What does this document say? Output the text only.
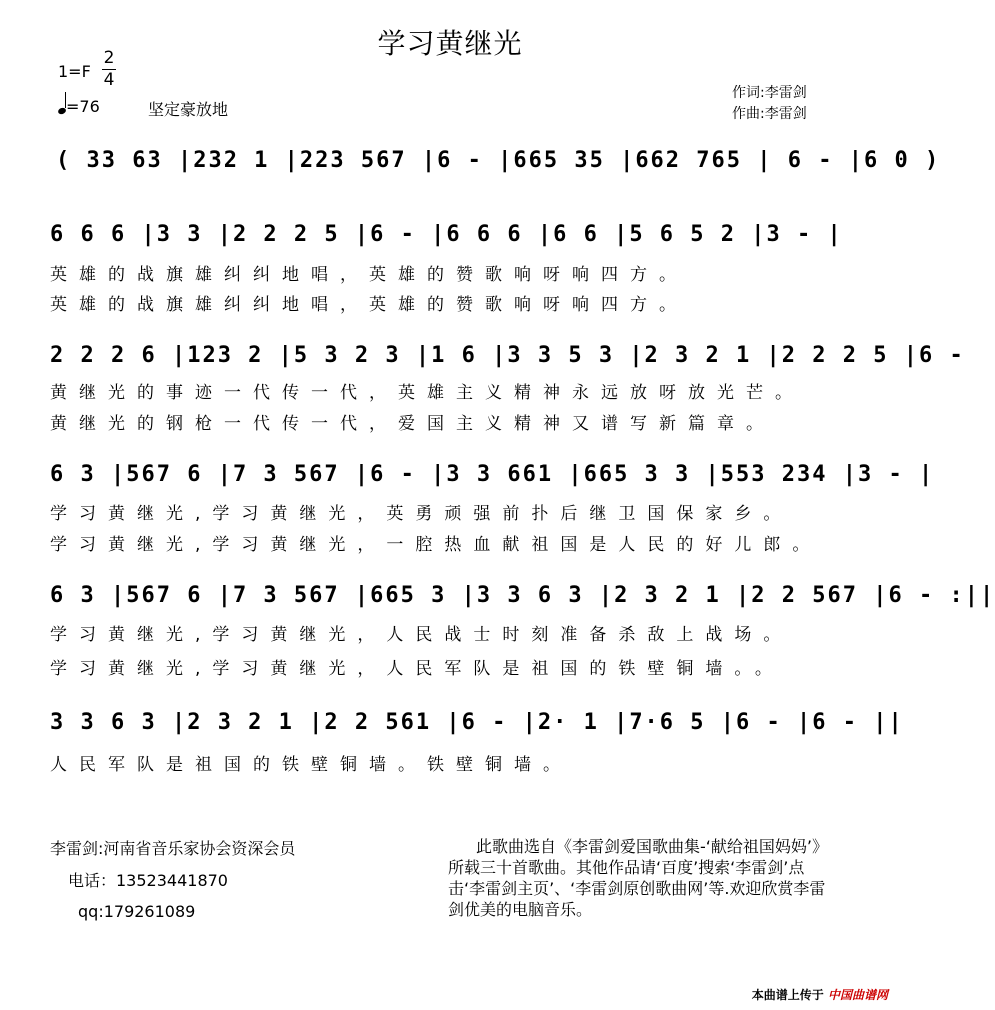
学习黄继光
1=F
2
4
=76	坚定豪放地
作词:李雷剑
作曲:李雷剑
( 33 63 |232 1 |223 567 |6 - |665 35 |662 765 | 6 - |6 0 )
6 6 6 |3 3 |2 2 2 5 |6 - |6 6 6 |6 6 |5 6 5 2 |3 - |
英雄的战旗雄纠纠地唱，英雄的赞歌响呀响四方。
英雄的战旗雄纠纠地唱，英雄的赞歌响呀响四方。
2 2 2 6 |123 2 |5 3 2 3 |1 6 |3 3 5 3 |2 3 2 1 |2 2 2 5 |6 -
黄继光的事迹一代传一代，英雄主义精神永远放呀放光芒。
黄继光的钢枪一代传一代，爱国主义精神又谱写新篇章。
6 3 |567 6 |7 3 567 |6 - |3 3 661 |665 3 3 |553 234 |3 - |
学习黄继光,学习黄继光，英勇顽强前扑后继卫国保家乡。
学习黄继光,学习黄继光，一腔热血献祖国是人民的好儿郎。
6 3 |567 6 |7 3 567 |665 3 |3 3 6 3 |2 3 2 1 |2 2 567 |6 - :||
学习黄继光,学习黄继光，人民战士时刻准备杀敌上战场。
学习黄继光,学习黄继光，人民军队是祖国的铁壁铜墙。。
3 3 6 3 |2 3 2 1 |2 2 561 |6 - |2· 1 |7·6 5 |6 - |6 - ||
人民军队是祖国的铁壁铜墙。铁壁铜墙。
李雷剑:河南省音乐家协会资深会员
电话：13523441870
qq:179261089
此歌曲选自《李雷剑爱国歌曲集-‘献给祖国妈妈’》所载三十首歌曲。其他作品请‘百度’搜索‘李雷剑’点击‘李雷剑主页’、‘李雷剑原创歌曲网’等.欢迎欣赏李雷剑优美的电脑音乐。
本曲谱上传于 中国曲谱网
